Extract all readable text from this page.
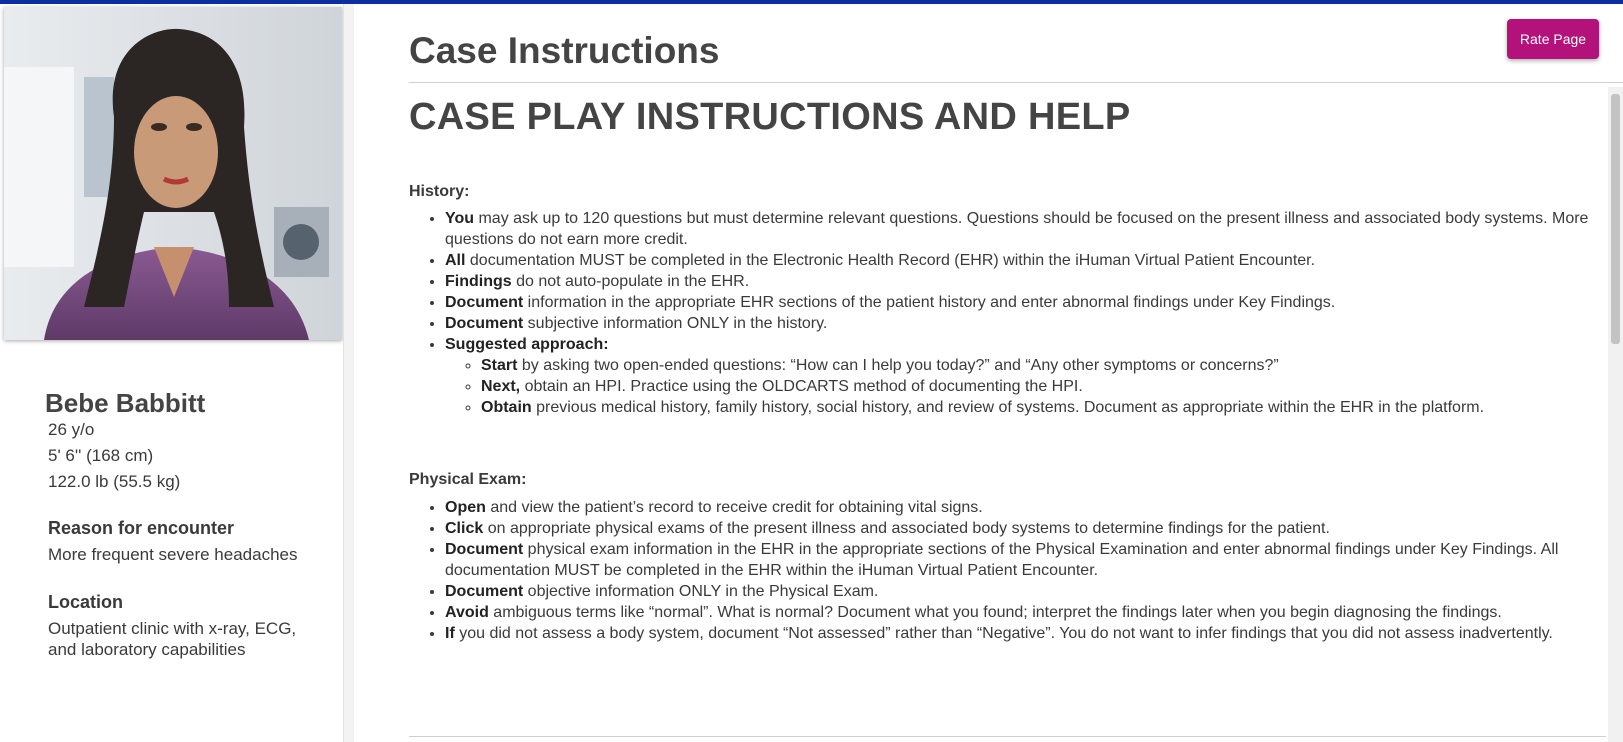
Bebe Babbitt
26 y/o
5' 6'' (168 cm)
122.0 lb (55.5 kg)
Reason for encounter
More frequent severe headaches
Location
Outpatient clinic with x-ray, ECG,
and laboratory capabilities
Case Instructions	Rate Page
CASE PLAY INSTRUCTIONS AND HELP
History:
• You may ask up to 120 questions but must determine relevant questions. Questions should be focused on the present illness and associated body systems. More questions do not earn more credit.
• All documentation MUST be completed in the Electronic Health Record (EHR) within the iHuman Virtual Patient Encounter.
• Findings do not auto-populate in the EHR.
• Document information in the appropriate EHR sections of the patient history and enter abnormal findings under Key Findings.
• Document subjective information ONLY in the history.
• Suggested approach:
◦ Start by asking two open-ended questions: “How can I help you today?” and “Any other symptoms or concerns?”
◦ Next, obtain an HPI. Practice using the OLDCARTS method of documenting the HPI.
◦ Obtain previous medical history, family history, social history, and review of systems. Document as appropriate within the EHR in the platform.
Physical Exam:
• Open and view the patient’s record to receive credit for obtaining vital signs.
• Click on appropriate physical exams of the present illness and associated body systems to determine findings for the patient.
• Document physical exam information in the EHR in the appropriate sections of the Physical Examination and enter abnormal findings under Key Findings. All documentation MUST be completed in the EHR within the iHuman Virtual Patient Encounter.
• Document objective information ONLY in the Physical Exam.
• Avoid ambiguous terms like “normal”. What is normal? Document what you found; interpret the findings later when you begin diagnosing the findings.
• If you did not assess a body system, document “Not assessed” rather than “Negative”. You do not want to infer findings that you did not assess inadvertently.
